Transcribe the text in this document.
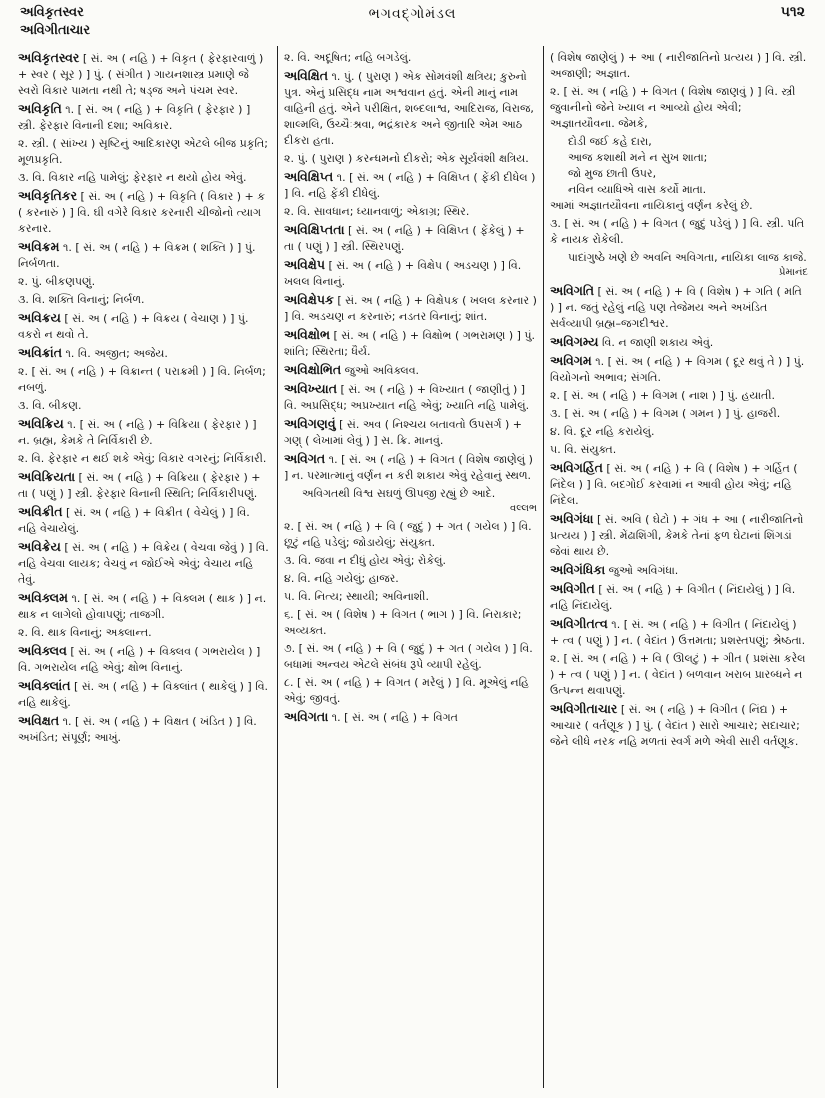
અવિકૃતસ્વર
અવિગીતાચાર
ભગવદ્ગોમંડલ	૫૧૨

અવિકૃતસ્વર [ સં. અ ( નહિ ) + વિકૃત ( ફેરફારવાળું ) + સ્વર ( સૂર ) ] પું. ( સંગીત ) ગાયનશાસ્ત્ર પ્રમાણે જે સ્વરો વિકાર પામતા નથી તે; ષડ્જ અને પંચમ સ્વર.

અવિકૃતિ ૧. [ સં. અ ( નહિ ) + વિકૃતિ ( ફેરફાર ) ] સ્ત્રી. ફેરફાર વિનાની દશા; અવિકાર.

૨. સ્ત્રી. ( સાંખ્ય ) સૃષ્ટિનું આદિકારણ એટલે બીજ પ્રકૃતિ; મૂળપ્રકૃતિ.

૩. વિ. વિકાર નહિ પામેલું; ફેરફાર ન થયો હોય એવું.

અવિકૃતિકર [ સં. અ ( નહિ ) + વિકૃતિ ( વિકાર ) + ક ( કરનારું ) ] વિ. ઘી વગેરે વિકાર કરનારી ચીજોનો ત્યાગ કરનાર.

અવિક્રમ ૧. [ સં. અ ( નહિ ) + વિક્રમ ( શક્તિ ) ] પું. નિર્બળતા.

૨. પું. બીકણપણું.

૩. વિ. શક્તિ વિનાનું; નિર્બળ.

અવિક્રય [ સં. અ ( નહિ ) + વિક્રય ( વેચાણ ) ] પું. વકરો ન થવો તે.

અવિક્રાંત ૧. વિ. અજીત; અજેય.

૨. [ સં. અ ( નહિ ) + વિક્રાન્ત ( પરાક્રમી ) ] વિ. નિર્બળ; નબળું.

૩. વિ. બીકણ.

અવિક્રિય ૧. [ સં. અ ( નહિ ) + વિક્રિયા ( ફેરફાર ) ] ન. બ્રહ્મ, કેમકે તે નિર્વિકારી છે.

૨. વિ. ફેરફાર ન થઈ શકે એવું; વિકાર વગરનું; નિર્વિકારી.

અવિક્રિયતા [ સં. અ ( નહિ ) + વિક્રિયા ( ફેરફાર ) + તા ( પણું ) ] સ્ત્રી. ફેરફાર વિનાની સ્થિતિ; નિર્વિકારીપણું.

અવિક્રીત [ સં. અ ( નહિ ) + વિક્રીત ( વેચેલું ) ] વિ. નહિ વેચાયેલું.

અવિક્રેય [ સં. અ ( નહિ ) + વિક્રેય ( વેચવા જેવું ) ] વિ. નહિ વેચવા લાયક; વેચવું ન જોઈએ એવું; વેચાય નહિ તેવું.

અવિક્લમ ૧. [ સં. અ ( નહિ ) + વિક્લમ ( થાક ) ] ન. થાક ન લાગેલો હોવાપણું; તાજગી.

૨. વિ. થાક વિનાનું; અક્લાન્ત.

અવિક્લવ [ સં. અ ( નહિ ) + વિક્લવ ( ગભરાયેલ ) ] વિ. ગભરાયેલ નહિ એવું; ક્ષોભ વિનાનું.

અવિક્લાંત [ સં. અ ( નહિ ) + વિક્લાંત ( થાકેલું ) ] વિ. નહિ થાકેલું.

અવિક્ષત ૧. [ સં. અ ( નહિ ) + વિક્ષત ( ખંડિત ) ] વિ. અખંડિત; સંપૂર્ણ; આખું.

૨. વિ. અદૂષિત; નહિ બગડેલું.

અવિક્ષિત ૧. પું. ( પુરાણ ) એક સોમવંશી ક્ષત્રિય; કુરુનો પુત્ર. એનું પ્રસિદ્ધ નામ અશ્વવાન હતું. એની માનું નામ વાહિની હતું. એને પરીક્ષિત, શબ્દલાશ્વ, આદિરાજ, વિરાજ, શાલ્મલિ, ઉચ્ચૈઃશ્રવા, ભદ્રંકારક અને જીતારિ એમ આઠ દીકરા હતા.

૨. પું. ( પુરાણ ) કરન્ધમનો દીકરો; એક સૂર્યવંશી ક્ષત્રિય.

અવિક્ષિપ્ત ૧. [ સં. અ ( નહિ ) + વિક્ષિપ્ત ( ફેંકી દીધેલ ) ] વિ. નહિ ફેંકી દીધેલું.

૨. વિ. સાવધાન; ધ્યાનવાળું; એકાગ્ર; સ્થિર.

અવિક્ષિપ્તતા [ સં. અ ( નહિ ) + વિક્ષિપ્ત ( ફેંકેલું ) + તા ( પણું ) ] સ્ત્રી. સ્થિરપણું.

અવિક્ષેપ [ સં. અ ( નહિ ) + વિક્ષેપ ( અડચણ ) ] વિ. ખલલ વિનાનું.

અવિક્ષેપક [ સં. અ ( નહિ ) + વિક્ષેપક ( ખલલ કરનાર ) ] વિ. અડચણ ન કરનારું; નડતર વિનાનું; શાંત.

અવિક્ષોભ [ સં. અ ( નહિ ) + વિક્ષોભ ( ગભરામણ ) ] પું. શાંતિ; સ્થિરતા; ધૈર્ય.

અવિક્ષોભિત જુઓ અવિક્લવ.

અવિખ્યાત [ સં. અ ( નહિ ) + વિખ્યાત ( જાણીતું ) ] વિ. અપ્રસિદ્ધ; અપ્રખ્યાત નહિ એવું; ખ્યાતિ નહિ પામેલું.

અવિગણવું [ સં. અવ ( નિશ્ચય બતાવતો ઉપસર્ગ ) + ગણ્ ( લેખામાં લેવું ) ] સ. ક્રિ. માનવું.

અવિગત ૧. [ સં. અ ( નહિ ) + વિગત ( વિશેષ જાણેલું ) ] ન. પરમાત્માનું વર્ણન ન કરી શકાય એવું રહેવાનું સ્થળ.

અવિગતથી વિશ્વ સઘળું ઊપજી રહ્યું છે આદે.

વલ્લભ

૨. [ સં. અ ( નહિ ) + વિ ( જુદું ) + ગત ( ગયેલ ) ] વિ. છૂટું નહિ પડેલું; જોડાયેલું; સંયુક્ત.

૩. વિ. જવા ન દીધું હોય એવું; રોકેલું.

૪. વિ. નહિ ગયેલું; હાજર.

૫. વિ. નિત્ય; સ્થાયી; અવિનાશી.

૬. [ સં. અ ( વિશેષ ) + વિગત ( ભાગ ) ] વિ. નિરાકાર; અવ્યક્ત.

૭. [ સં. અ ( નહિ ) + વિ ( જુદું ) + ગત ( ગયેલ ) ] વિ. બધામાં અન્વય એટલે સંબંધ રૂપે વ્યાપી રહેલું.

૮. [ સં. અ ( નહિ ) + વિગત ( મરેલું ) ] વિ. મૂએલું નહિ એવું; જીવતું.

અવિગતા ૧. [ સં. અ ( નહિ ) + વિગત

( વિશેષ જાણેલું ) + આ ( નારીજાતિનો પ્રત્યય ) ] વિ. સ્ત્રી. અજાણી; અજ્ઞાત.

૨. [ સં. અ ( નહિ ) + વિગત ( વિશેષ જાણવું ) ] વિ. સ્ત્રી જુવાનીનો જેને ખ્યાલ ન આવ્યો હોય એવી; અજ્ઞાતયૌવના. જેમકે,

દોડી જઈ કહે દારા,

આજ કશાથી મને ન સુખ શાતા;

જો મુજ છાતી ઉપર,

નવિન વ્યાધિએ વાસ કર્યો માતા.

આમાં અજ્ઞાતયૌવના નાયિકાનું વર્ણન કરેલું છે.

૩. [ સં. અ ( નહિ ) + વિગત ( જુદું પડેલું ) ] વિ. સ્ત્રી. પતિ કે નાયક રોકેલી.

પાદાંગુષ્ઠે ખણે છે અવનિ અવિગતા, નાયિકા લાજ કાજે.

પ્રેમાનંદ

અવિગતિ [ સં. અ ( નહિ ) + વિ ( વિશેષ ) + ગતિ ( મતિ ) ] ન. જતું રહેલું નહિ પણ તેજેમય અને અખંડિત સર્વવ્યાપી બ્રહ્મ–જગદીશ્વર.

અવિગમ્ય વિ. ન જાણી શકાય એવું.

અવિગમ ૧. [ સં. અ ( નહિ ) + વિગમ ( દૂર થવું તે ) ] પું. વિયોગનો અભાવ; સંગતિ.

૨. [ સં. અ ( નહિ ) + વિગમ ( નાશ ) ] પું. હયાતી.

૩. [ સં. અ ( નહિ ) + વિગમ ( ગમન ) ] પું. હાજરી.

૪. વિ. દૂર નહિ કરાયેલું.

૫. વિ. સંયુક્ત.

અવિગર્હિત [ સં. અ ( નહિ ) + વિ ( વિશેષ ) + ગર્હિત ( નિંદેલ ) ] વિ. બદગોઈ કરવામાં ન આવી હોય એવું; નહિ નિંદેલ.

અવિગંધા [ સં. અવિ ( ઘેટો ) + ગંધ + આ ( નારીજાતિનો પ્રત્યય ) ] સ્ત્રી. મેંઢાશિંગી, કેમકે તેનાં ફળ ઘેટાનાં શિંગડાં જેવાં થાય છે.

અવિગંધિકા જુઓ અવિગંધા.

અવિગીત [ સં. અ ( નહિ ) + વિગીત ( નિંદાયેલું ) ] વિ. નહિ નિંદાયેલું.

અવિગીતત્વ ૧. [ સં. અ ( નહિ ) + વિગીત ( નિંદાયેલું ) + ત્વ ( પણું ) ] ન. ( વેદાંત ) ઉત્તમતા; પ્રશસ્તપણું; શ્રેષ્ઠતા.

૨. [ સં. અ ( નહિ ) + વિ ( ઊલટું ) + ગીત ( પ્રશંસા કરેલ ) + ત્વ ( પણું ) ] ન. ( વેદાંત ) બળવાન ખરાબ પ્રારબ્ધને ન ઉત્પન્ન થવાપણું.

અવિગીતાચાર [ સં. અ ( નહિ ) + વિગીત ( નિંદ્ય ) + આચાર ( વર્તણૂક ) ] પું. ( વેદાંત ) સારો આચાર; સદાચાર; જેને લીધે નરક નહિ મળતાં સ્વર્ગ મળે એવી સારી વર્તણૂક.
